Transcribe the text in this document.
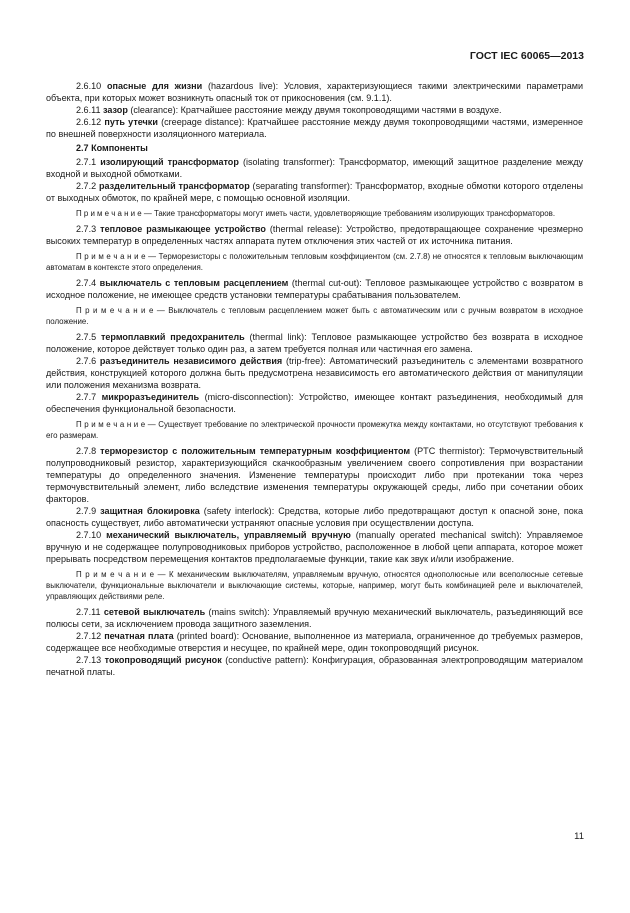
ГОСТ IEC 60065—2013

2.6.10 опасные для жизни (hazardous live): Условия, характеризующиеся такими электрическими параметрами объекта, при которых может возникнуть опасный ток от прикосновения (см. 9.1.1).

2.6.11 зазор (clearance): Кратчайшее расстояние между двумя токопроводящими частями в воздухе.

2.6.12 путь утечки (creepage distance): Кратчайшее расстояние между двумя токопроводящими частями, измеренное по внешней поверхности изоляционного материала.

2.7 Компоненты

2.7.1 изолирующий трансформатор (isolating transformer): Трансформатор, имеющий защитное разделение между входной и выходной обмотками.

2.7.2 разделительный трансформатор (separating transformer): Трансформатор, входные обмотки которого отделены от выходных обмоток, по крайней мере, с помощью основной изоляции.

П р и м е ч а н и е — Такие трансформаторы могут иметь части, удовлетворяющие требованиям изолирующих трансформаторов.

2.7.3 тепловое размыкающее устройство (thermal release): Устройство, предотвращающее сохранение чрезмерно высоких температур в определенных частях аппарата путем отключения этих частей от их источника питания.

П р и м е ч а н и е — Терморезисторы с положительным тепловым коэффициентом (см. 2.7.8) не относятся к тепловым выключающим автоматам в контексте этого определения.

2.7.4 выключатель с тепловым расцеплением (thermal cut-out): Тепловое размыкающее устройство с возвратом в исходное положение, не имеющее средств установки температуры срабатывания пользователем.

П р и м е ч а н и е — Выключатель с тепловым расцеплением может быть с автоматическим или с ручным возвратом в исходное положение.

2.7.5 термоплавкий предохранитель (thermal link): Тепловое размыкающее устройство без возврата в исходное положение, которое действует только один раз, а затем требуется полная или частичная его замена.

2.7.6 разъединитель независимого действия (trip-free): Автоматический разъединитель с элементами возвратного действия, конструкцией которого должна быть предусмотрена независимость его автоматического действия от манипуляции или положения механизма возврата.

2.7.7 микроразъединитель (micro-disconnection): Устройство, имеющее контакт разъединения, необходимый для обеспечения функциональной безопасности.

П р и м е ч а н и е — Существует требование по электрической прочности промежутка между контактами, но отсутствуют требования к его размерам.

2.7.8 терморезистор с положительным температурным коэффициентом (PTC thermistor): Термочувствительный полупроводниковый резистор, характеризующийся скачкообразным увеличением своего сопротивления при возрастании температуры до определенного значения. Изменение температуры происходит либо при протекании тока через термочувствительный элемент, либо вследствие изменения температуры окружающей среды, либо при сочетании обоих факторов.

2.7.9 защитная блокировка (safety interlock): Средства, которые либо предотвращают доступ к опасной зоне, пока опасность существует, либо автоматически устраняют опасные условия при осуществлении доступа.

2.7.10 механический выключатель, управляемый вручную (manually operated mechanical switch): Управляемое вручную и не содержащее полупроводниковых приборов устройство, расположенное в любой цепи аппарата, которое может прерывать посредством перемещения контактов предполагаемые функции, такие как звук и/или изображение.

П р и м е ч а н и е — К механическим выключателям, управляемым вручную, относятся однополюсные или всеполюсные сетевые выключатели, функциональные выключатели и выключающие системы, которые, например, могут быть комбинацией реле и выключателей, управляющих действиями реле.

2.7.11 сетевой выключатель (mains switch): Управляемый вручную механический выключатель, разъединяющий все полюсы сети, за исключением провода защитного заземления.

2.7.12 печатная плата (printed board): Основание, выполненное из материала, ограниченное до требуемых размеров, содержащее все необходимые отверстия и несущее, по крайней мере, один токопроводящий рисунок.

2.7.13 токопроводящий рисунок (conductive pattern): Конфигурация, образованная электропроводящим материалом печатной платы.

11
